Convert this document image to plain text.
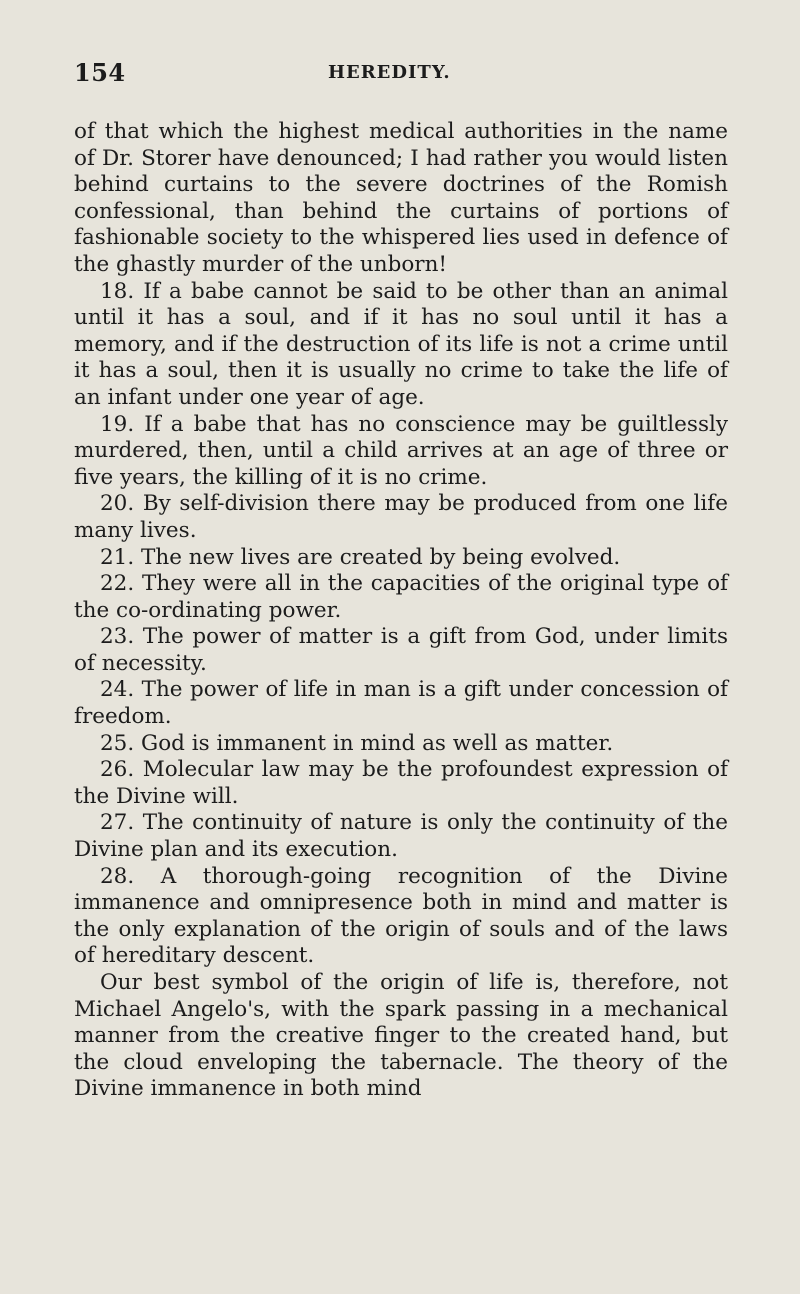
154	HEREDITY.

of that which the highest medical authorities in the name of Dr. Storer have denounced; I had rather you would listen behind curtains to the severe doctrines of the Romish confessional, than behind the curtains of portions of fashionable society to the whispered lies used in defence of the ghastly murder of the unborn!

18. If a babe cannot be said to be other than an animal until it has a soul, and if it has no soul until it has a memory, and if the destruction of its life is not a crime until it has a soul, then it is usually no crime to take the life of an infant under one year of age.

19. If a babe that has no conscience may be guiltlessly murdered, then, until a child arrives at an age of three or five years, the killing of it is no crime.

20. By self-division there may be produced from one life many lives.

21. The new lives are created by being evolved.

22. They were all in the capacities of the original type of the co-ordinating power.

23. The power of matter is a gift from God, under limits of necessity.

24. The power of life in man is a gift under concession of freedom.

25. God is immanent in mind as well as matter.

26. Molecular law may be the profoundest expression of the Divine will.

27. The continuity of nature is only the continuity of the Divine plan and its execution.

28. A thorough-going recognition of the Divine immanence and omnipresence both in mind and matter is the only explanation of the origin of souls and of the laws of hereditary descent.

Our best symbol of the origin of life is, therefore, not Michael Angelo's, with the spark passing in a mechanical manner from the creative finger to the created hand, but the cloud enveloping the tabernacle. The theory of the Divine immanence in both mind
